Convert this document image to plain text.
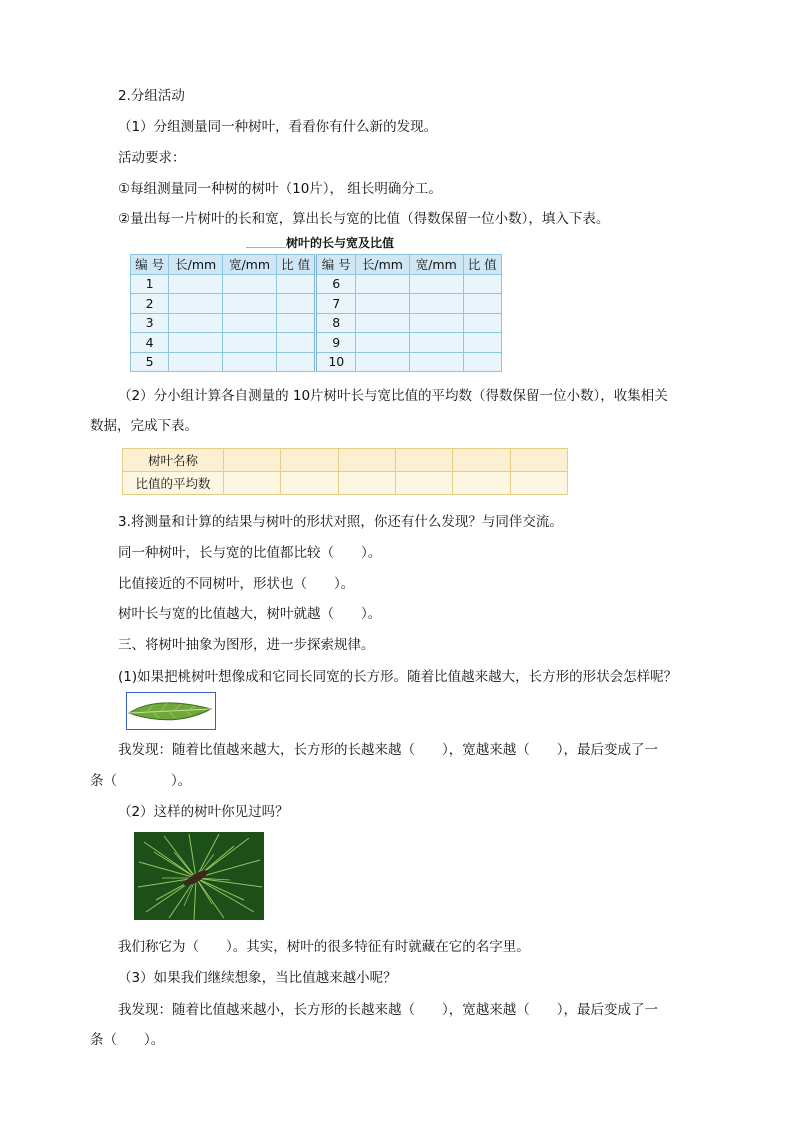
2.分组活动
（1）分组测量同一种树叶，看看你有什么新的发现。
活动要求：
①每组测量同一种树的树叶（10片）， 组长明确分工。
②量出每一片树叶的长和宽，算出长与宽的比值（得数保留一位小数），填入下表。
树叶的长与宽及比值
编 号	长/mm	宽/mm	比 值	编 号	长/mm	宽/mm	比 值
1				6			
2				7			
3				8			
4				9			
5				10			
（2）分小组计算各自测量的 10片树叶长与宽比值的平均数（得数保留一位小数），收集相关
数据，完成下表。
树叶名称						
比值的平均数						
3.将测量和计算的结果与树叶的形状对照，你还有什么发现？与同伴交流。
同一种树叶，长与宽的比值都比较（　　）。
比值接近的不同树叶，形状也（　　）。
树叶长与宽的比值越大，树叶就越（　　）。
三、将树叶抽象为图形，进一步探索规律。
(1)如果把桃树叶想像成和它同长同宽的长方形。随着比值越来越大，长方形的形状会怎样呢？
我发现：随着比值越来越大，长方形的长越来越（　　），宽越来越（　　），最后变成了一
条（　　　　）。
（2）这样的树叶你见过吗？
我们称它为（　　）。其实，树叶的很多特征有时就藏在它的名字里。
（3）如果我们继续想象，当比值越来越小呢？
我发现：随着比值越来越小，长方形的长越来越（　　），宽越来越（　　），最后变成了一
条（　　）。
